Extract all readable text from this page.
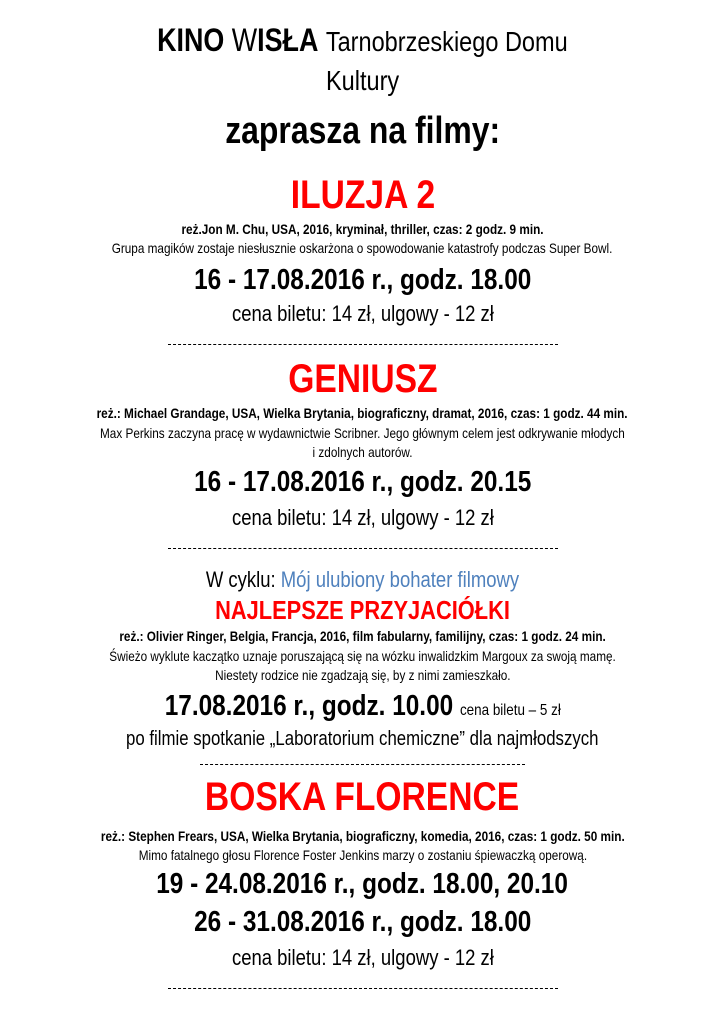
KINO WISŁA Tarnobrzeskiego Domu
Kultury
zaprasza na filmy:
ILUZJA 2
reż.Jon M. Chu, USA, 2016, kryminał, thriller, czas: 2 godz. 9 min.
Grupa magików zostaje niesłusznie oskarżona o spowodowanie katastrofy podczas Super Bowl.
16 - 17.08.2016 r., godz. 18.00
cena biletu: 14 zł, ulgowy - 12 zł
GENIUSZ
reż.: Michael Grandage, USA, Wielka Brytania, biograficzny, dramat, 2016, czas: 1 godz. 44 min.
Max Perkins zaczyna pracę w wydawnictwie Scribner. Jego głównym celem jest odkrywanie młodych
i zdolnych autorów.
16 - 17.08.2016 r., godz. 20.15
cena biletu: 14 zł, ulgowy - 12 zł
W cyklu: Mój ulubiony bohater filmowy
NAJLEPSZE PRZYJACIÓŁKI
reż.: Olivier Ringer, Belgia, Francja, 2016, film fabularny, familijny, czas: 1 godz. 24 min.
Świeżo wyklute kaczątko uznaje poruszającą się na wózku inwalidzkim Margoux za swoją mamę.
Niestety rodzice nie zgadzają się, by z nimi zamieszkało.
17.08.2016 r., godz. 10.00 cena biletu – 5 zł
po filmie spotkanie „Laboratorium chemiczne” dla najmłodszych
BOSKA FLORENCE
reż.: Stephen Frears, USA, Wielka Brytania, biograficzny, komedia, 2016, czas: 1 godz. 50 min.
Mimo fatalnego głosu Florence Foster Jenkins marzy o zostaniu śpiewaczką operową.
19 - 24.08.2016 r., godz. 18.00, 20.10
26 - 31.08.2016 r., godz. 18.00
cena biletu: 14 zł, ulgowy - 12 zł
